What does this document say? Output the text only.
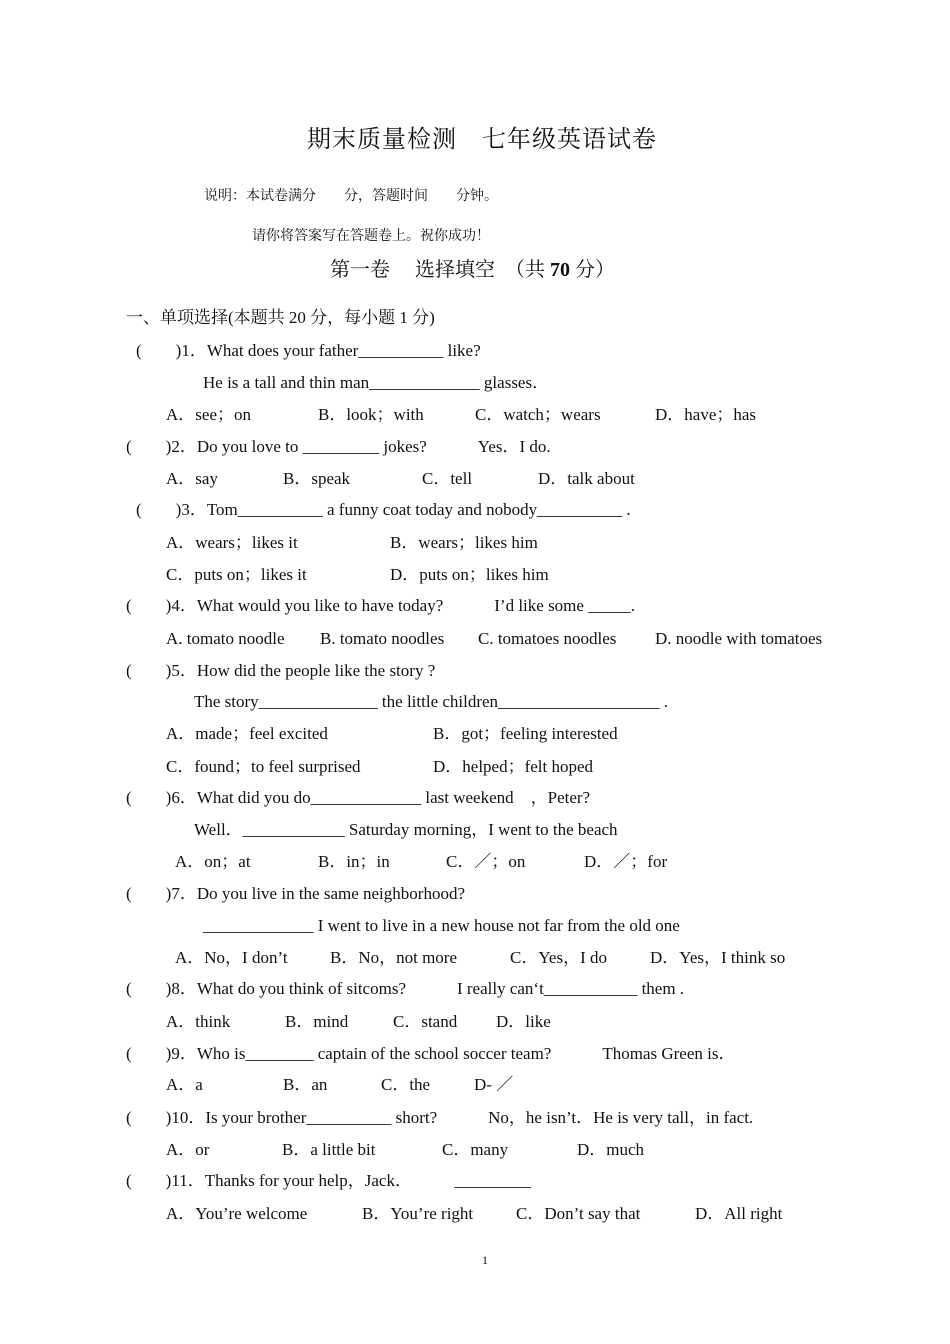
期末质量检测　七年级英语试卷
说明：本试卷满分　　分，答题时间　　分钟。
请你将答案写在答题卷上。祝你成功！
第一卷　 选择填空　（共 70 分）
一、单项选择(本题共 20 分，每小题 1 分)
(　　)1．What does your father__________ like?
He is a tall and thin man_____________ glasses．
A．see；on	B．look；with	C．watch；wears	D．have；has
(　　)2．Do you love to _________ jokes?　　　Yes．I do.
A．say	B．speak	C．tell	D．talk about
(　　)3．Tom__________ a funny coat today and nobody__________ .
A．wears；likes it	B．wears；likes him
C．puts on；likes it	D．puts on；likes him
(　　)4．What would you like to have today?　　　I’d like some _____.
A. tomato noodle B. tomato noodles C. tomatoes noodles D. noodle with tomatoes
(　　)5．How did the people like the story ?
The story______________ the little children___________________ .
A．made；feel excited	B．got；feeling interested
C．found；to feel surprised	D．helped；felt hoped
(　　)6．What did you do_____________ last weekend　，Peter?
Well．____________ Saturday morning，I went to the beach
A．on；at	B．in；in	C．／；on	D．／；for
(　　)7．Do you live in the same neighborhood?
_____________ I went to live in a new house not far from the old one
A．No，I don’t B．No，not more	C．Yes，I do	D．Yes，I think so
(　　)8．What do you think of sitcoms?　　　I really can‘t___________ them .
A．think	B．mind	C．stand D．like
(　　)9．Who is________ captain of the school soccer team?　　　Thomas Green is．
A．a	B．an	C．the	D- ／
(　　)10．Is your brother__________ short?　　　No，he isn’t．He is very tall，in fact.
A．or	B．a little bit	C．many	D．much
(　　)11．Thanks for your help，Jack．　　　_________
A．You’re welcome	B．You’re right	C．Don’t say that	D．All right
1
